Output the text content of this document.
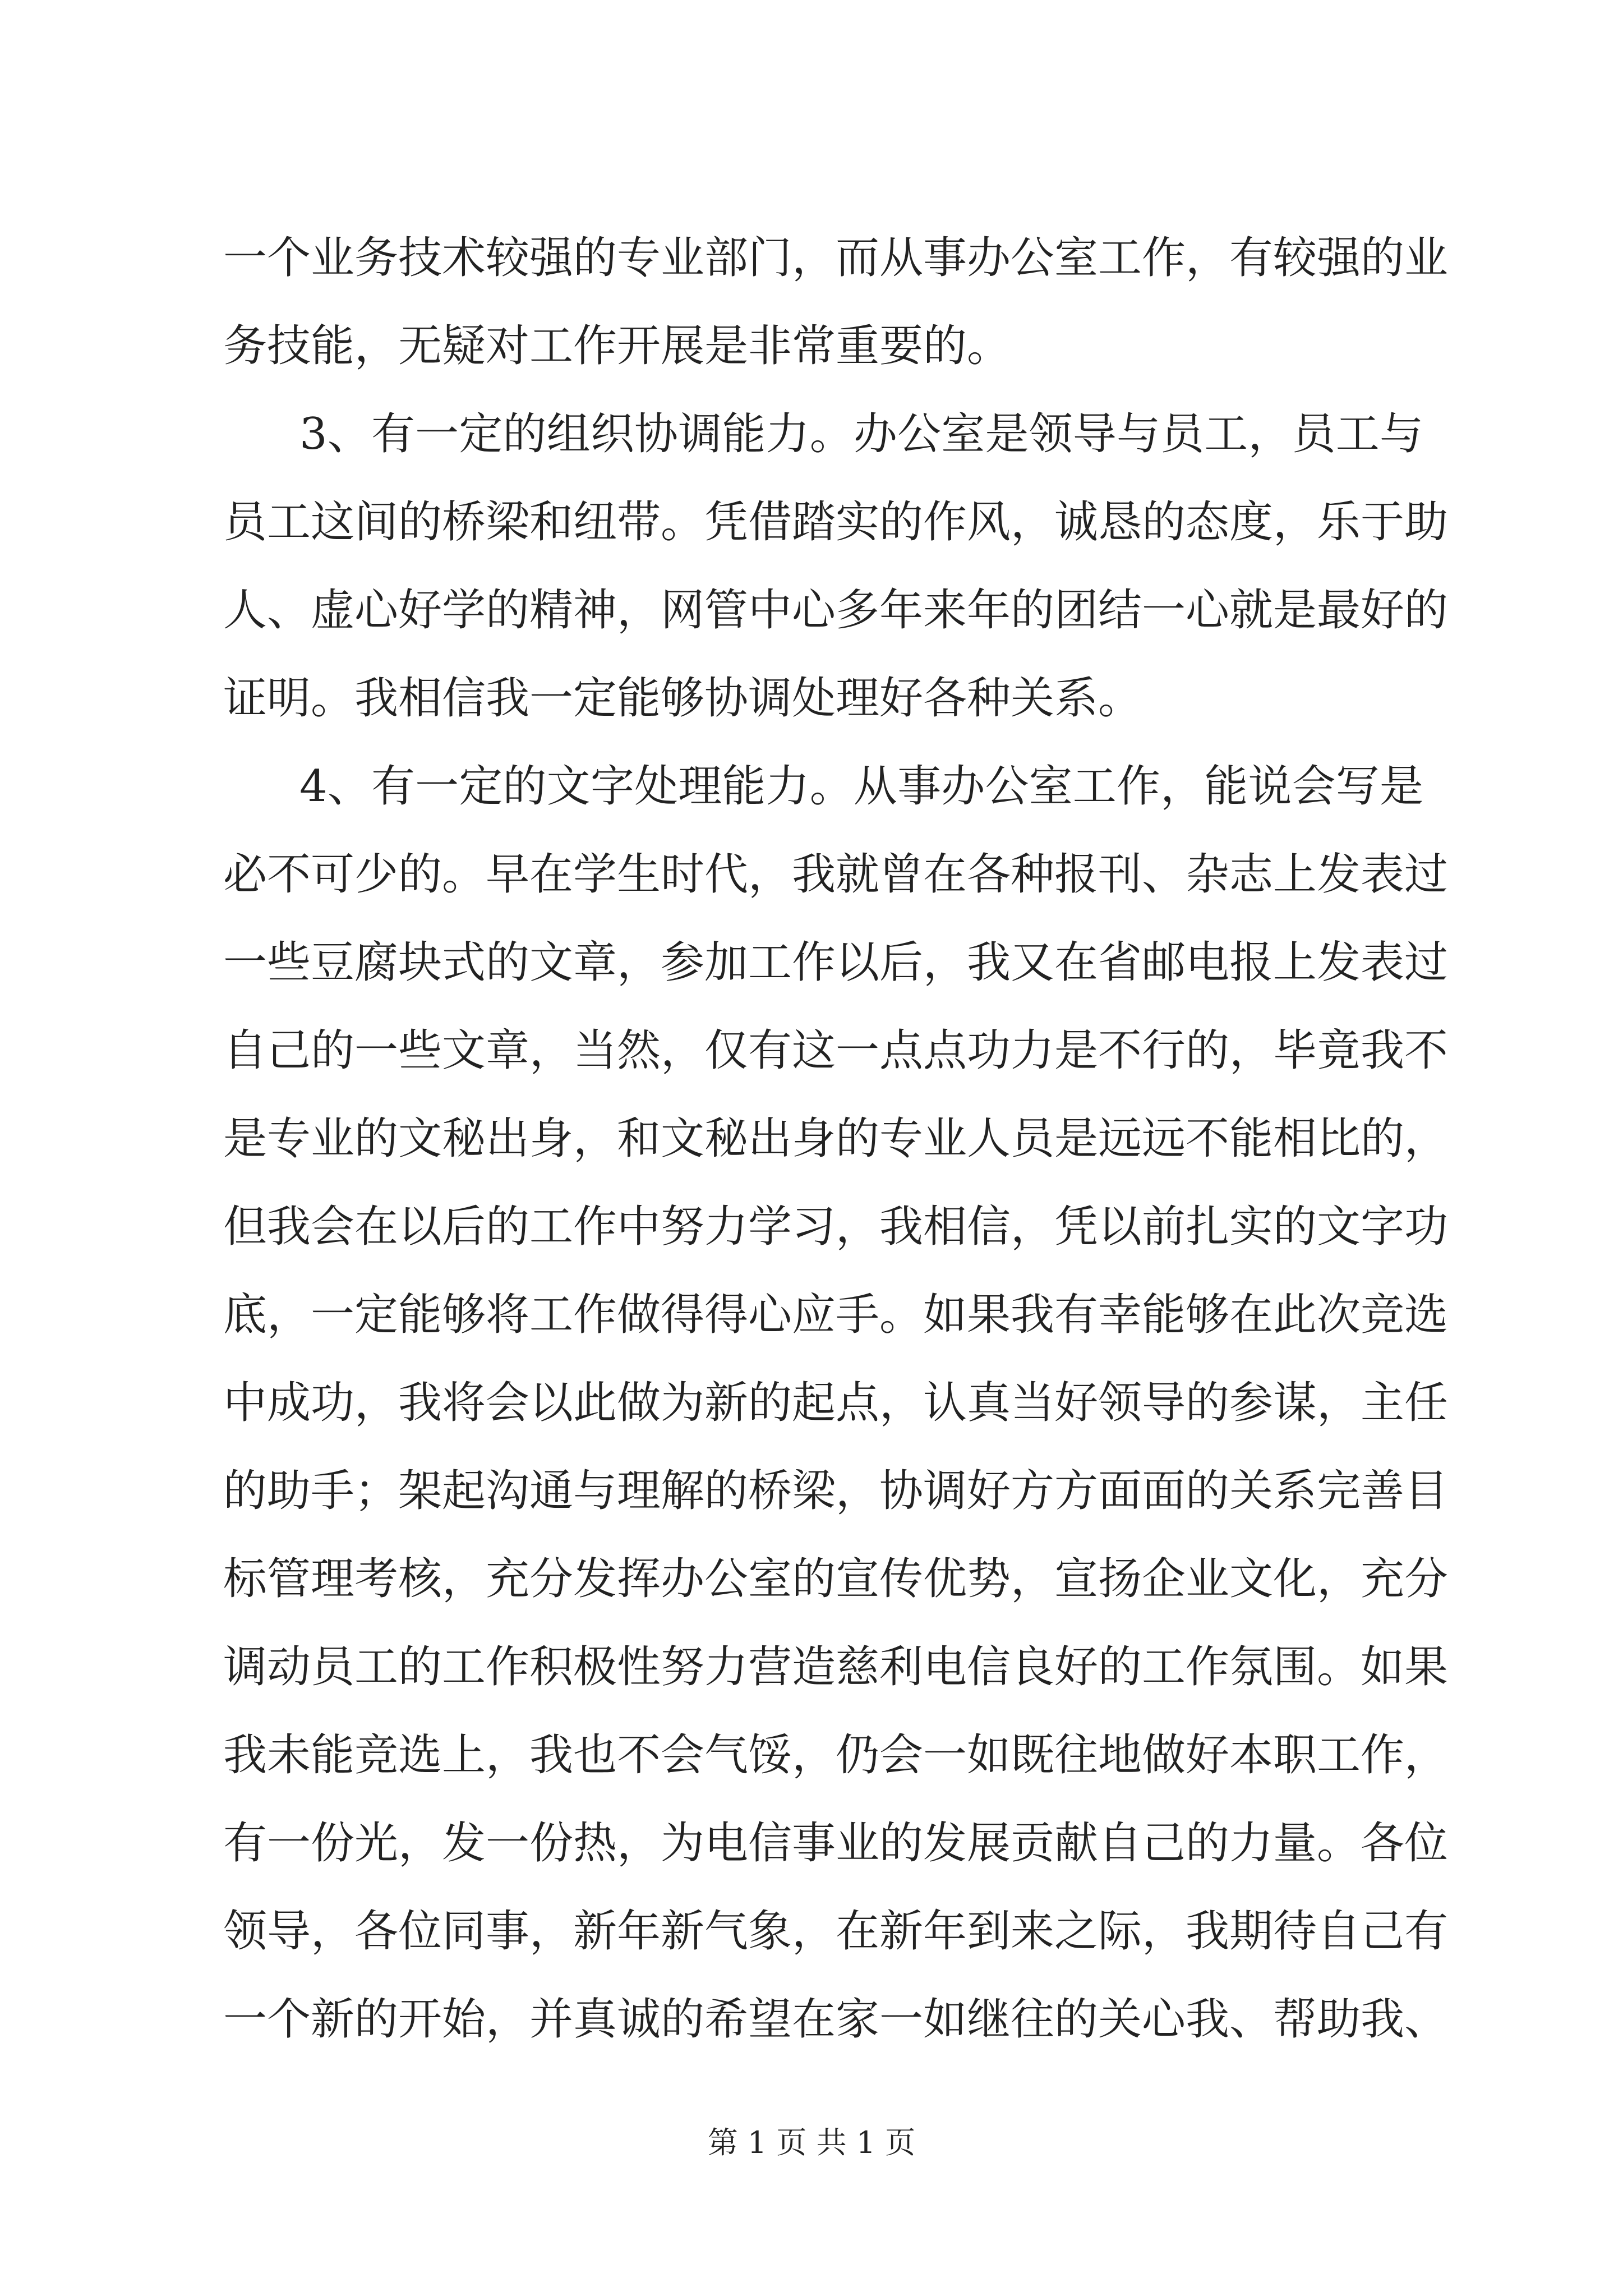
一个业务技术较强的专业部门，而从事办公室工作，有较强的业
务技能，无疑对工作开展是非常重要的。
3、有一定的组织协调能力。办公室是领导与员工，员工与
员工这间的桥梁和纽带。凭借踏实的作风，诚恳的态度，乐于助
人、虚心好学的精神，网管中心多年来年的团结一心就是最好的
证明。我相信我一定能够协调处理好各种关系。
4、有一定的文字处理能力。从事办公室工作，能说会写是
必不可少的。早在学生时代，我就曾在各种报刊、杂志上发表过
一些豆腐块式的文章，参加工作以后，我又在省邮电报上发表过
自己的一些文章，当然，仅有这一点点功力是不行的，毕竟我不
是专业的文秘出身，和文秘出身的专业人员是远远不能相比的，
但我会在以后的工作中努力学习，我相信，凭以前扎实的文字功
底，一定能够将工作做得得心应手。如果我有幸能够在此次竞选
中成功，我将会以此做为新的起点，认真当好领导的参谋，主任
的助手；架起沟通与理解的桥梁，协调好方方面面的关系完善目
标管理考核，充分发挥办公室的宣传优势，宣扬企业文化，充分
调动员工的工作积极性努力营造慈利电信良好的工作氛围。如果
我未能竞选上，我也不会气馁，仍会一如既往地做好本职工作，
有一份光，发一份热，为电信事业的发展贡献自己的力量。各位
领导，各位同事，新年新气象，在新年到来之际，我期待自己有
一个新的开始，并真诚的希望在家一如继往的关心我、帮助我、
第 1 页 共 1 页
